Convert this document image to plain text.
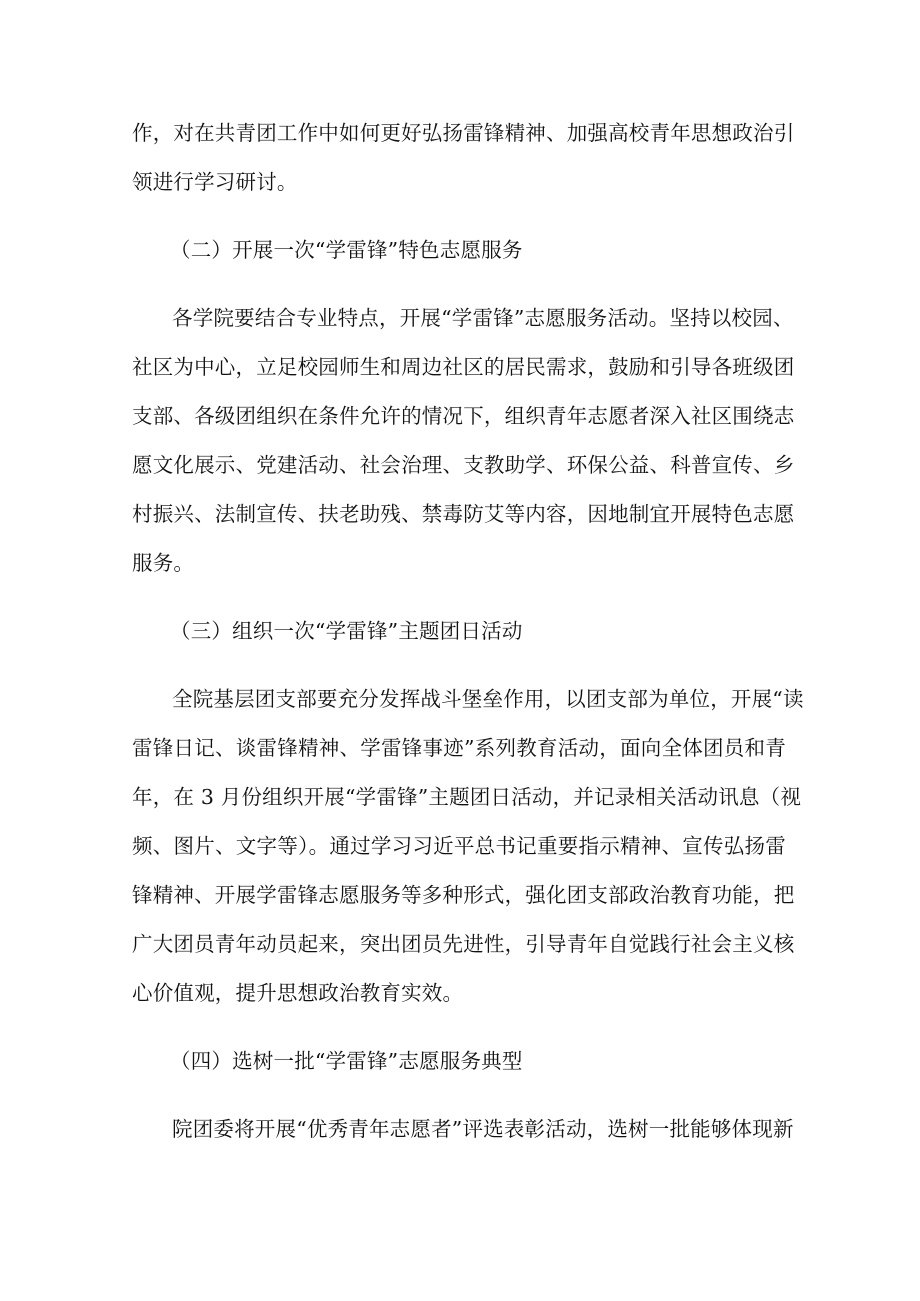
作，对在共青团工作中如何更好弘扬雷锋精神、加强高校青年思想政治引
领进行学习研讨。
（二）开展一次“学雷锋”特色志愿服务
各学院要结合专业特点，开展“学雷锋”志愿服务活动。坚持以校园、
社区为中心，立足校园师生和周边社区的居民需求，鼓励和引导各班级团
支部、各级团组织在条件允许的情况下，组织青年志愿者深入社区围绕志
愿文化展示、党建活动、社会治理、支教助学、环保公益、科普宣传、乡
村振兴、法制宣传、扶老助残、禁毒防艾等内容，因地制宜开展特色志愿
服务。
（三）组织一次“学雷锋”主题团日活动
全院基层团支部要充分发挥战斗堡垒作用，以团支部为单位，开展“读
雷锋日记、谈雷锋精神、学雷锋事迹”系列教育活动，面向全体团员和青
年，在 3 月份组织开展“学雷锋”主题团日活动，并记录相关活动讯息（视
频、图片、文字等）。通过学习习近平总书记重要指示精神、宣传弘扬雷
锋精神、开展学雷锋志愿服务等多种形式，强化团支部政治教育功能，把
广大团员青年动员起来，突出团员先进性，引导青年自觉践行社会主义核
心价值观，提升思想政治教育实效。
（四）选树一批“学雷锋”志愿服务典型
院团委将开展“优秀青年志愿者”评选表彰活动，选树一批能够体现新
